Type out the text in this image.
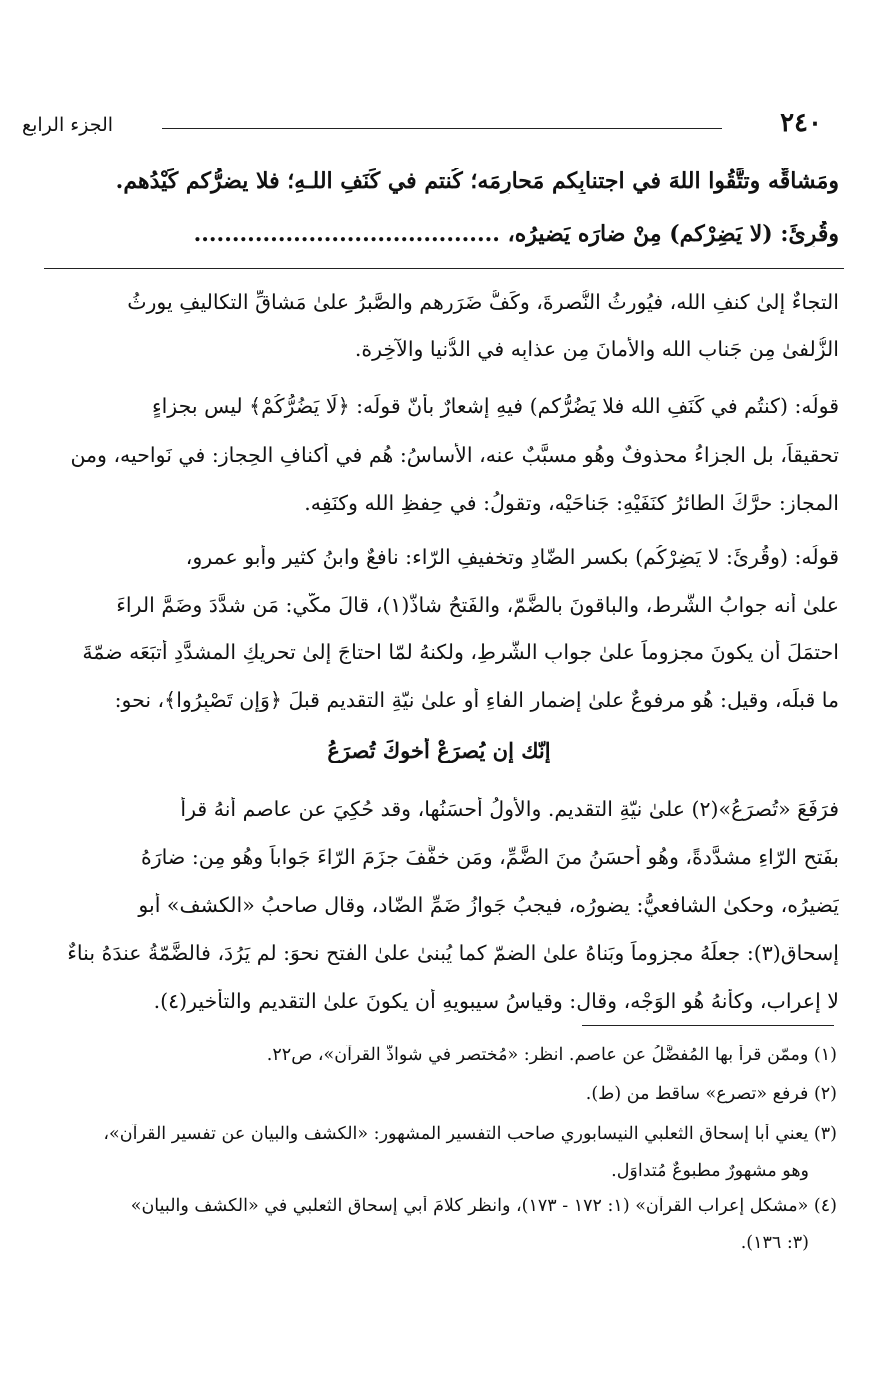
٢٤٠
الجزء الرابع
ومَشاقِّه وتتَّقُوا اللهَ في اجتنابِكم مَحارِمَه؛ كُنتم في كَنَفِ اللـهِ؛ فلا يضرُّكم كَيْدُهم.
وقُرِئَ: (لا يَضِرْكم) مِنْ ضارَه يَضيرُه، ........................................
التجاءٌ إلىٰ كنفِ الله، فيُورِثُ النُّصرةَ، وكَفُّ ضَرَرِهم والصَّبرُ علىٰ مَشاقِّ التكاليفِ يورِثُ
الزُّلفىٰ مِن جَنابِ الله والأمانَ مِن عذابِه في الدُّنيا والآخِرة.
قولُه: (كنتُم في كَنَفِ الله فلا يَضُرُّكم) فيهِ إشعارٌ بأنّ قولَه: ﴿لَا يَضُرُّكُمْ﴾ ليس بجزاءٍ
تحقيقاً، بل الجزاءُ محذوفٌ وهُو مسبَّبٌ عنه، الأساسُ: هُم في أكنافِ الحِجاز: في نَواحيه، ومن
المجاز: حرَّكَ الطائرُ كنَفَيْهِ: جَناحَيْه، وتقولُ: في حِفظِ الله وكنَفِه.
قولُه: (وقُرِئَ: لا يَضِرْكُم) بكسرِ الضّادِ وتخفيفِ الرّاء: نافعٌ وابنُ كثيرٍ وأبو عمرٍو،
علىٰ أنه جوابُ الشَّرط، والباقونَ بالضَّمّ، والفَتحُ شاذٌّ(١)، قالَ مكّي: مَن شدَّدَ وضَمَّ الراءَ
احتمَلَ أن يكونَ مجزوماً علىٰ جوابِ الشَّرطِ، ولكنهُ لمّا احتاجَ إلىٰ تحريكِ المشدَّدِ أتبَعَه ضمّةَ
ما قبلَه، وقيل: هُو مرفوعٌ علىٰ إضمارِ الفاءِ أو علىٰ نيّةِ التقديمِ قبلَ ﴿وَإِن تَصْبِرُوا﴾، نحو:
إنّك إن يُصرَعْ أخوكَ تُصرَعُ
فرَفَعَ «تُصرَعُ»(٢) علىٰ نيّةِ التقديم. والأولُ أحسَنُها، وقد حُكِيَ عن عاصمٍ أنهُ قرأ
بفَتحِ الرّاءِ مشدَّدةً، وهُو أحسَنُ منَ الضَّمِّ، ومَن خفَّفَ جزَمَ الرّاءَ جَواباً وهُو مِن: ضارَهُ
يَضيرُه، وحكىٰ الشافعيُّ: يضورُه، فيجبُ جَوازُ ضَمِّ الضّاد، وقال صاحبُ «الكشف» أبو
إسحاق(٣): جعلَهُ مجزوماً وبَناهُ علىٰ الضمّ كما يُبنىٰ علىٰ الفتحِ نحوَ: لم يَرُدَ، فالضَّمّةُ عندَهُ بناءٌ
لا إعراب، وكأنهُ هُو الوَجْه، وقال: وقياسُ سيبويهِ أن يكونَ علىٰ التقديمِ والتأخيرِ(٤).
(١) وممّن قرأ بها المُفضَّلُ عن عاصم. انظر: «مُختصر في شواذّ القرآن»، ص٢٢.
(٢) فرفع «تصرع» ساقط من (ط).
(٣) يعني أبا إسحاق الثعلبي النيسابوري صاحب التفسير المشهور: «الكشف والبيان عن تفسير القرآن»،
وهو مشهورٌ مطبوعٌ مُتداوَل.
(٤) «مشكل إعراب القرآن» (١: ١٧٢ - ١٧٣)، وانظر كلامَ أبي إسحاق الثعلبي في «الكشف والبيان»
(٣: ١٣٦).
